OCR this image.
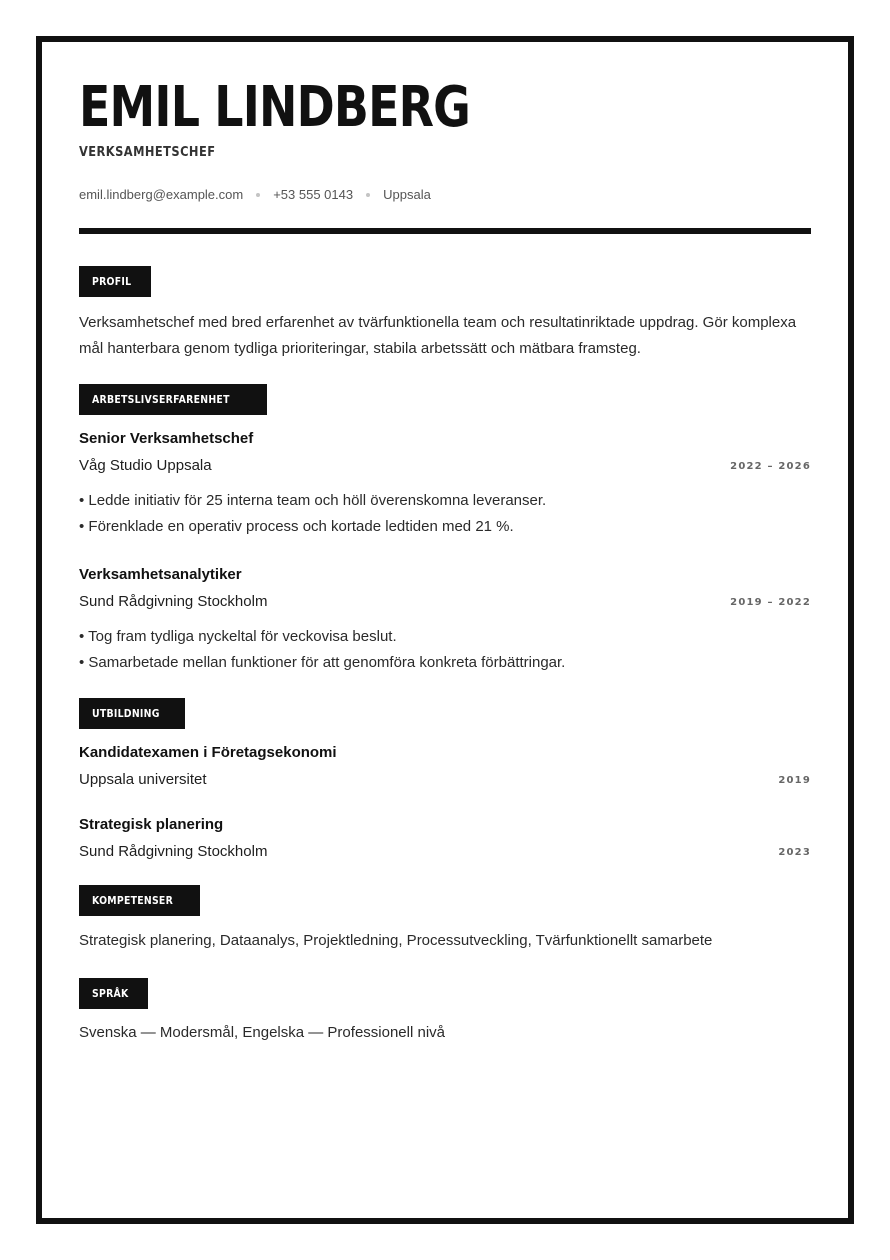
EMIL LINDBERG
VERKSAMHETSCHEF
emil.lindberg@example.com +53 555 0143 Uppsala
PROFIL

Verksamhetschef med bred erfarenhet av tvärfunktionella team och resultatinriktade uppdrag. Gör komplexa mål hanterbara genom tydliga prioriteringar, stabila arbetssätt och mätbara framsteg.

ARBETSLIVSERFARENHET
Senior Verksamhetschef
Våg Studio Uppsala	2022 – 2026
• Ledde initiativ för 25 interna team och höll överenskomna leveranser.
• Förenklade en operativ process och kortade ledtiden med 21 %.
Verksamhetsanalytiker
Sund Rådgivning Stockholm	2019 – 2022
• Tog fram tydliga nyckeltal för veckovisa beslut.
• Samarbetade mellan funktioner för att genomföra konkreta förbättringar.
UTBILDNING
Kandidatexamen i Företagsekonomi
Uppsala universitet	2019
Strategisk planering
Sund Rådgivning Stockholm	2023
KOMPETENSER
Strategisk planering, Dataanalys, Projektledning, Processutveckling, Tvärfunktionellt samarbete
SPRÅK
Svenska — Modersmål, Engelska — Professionell nivå
